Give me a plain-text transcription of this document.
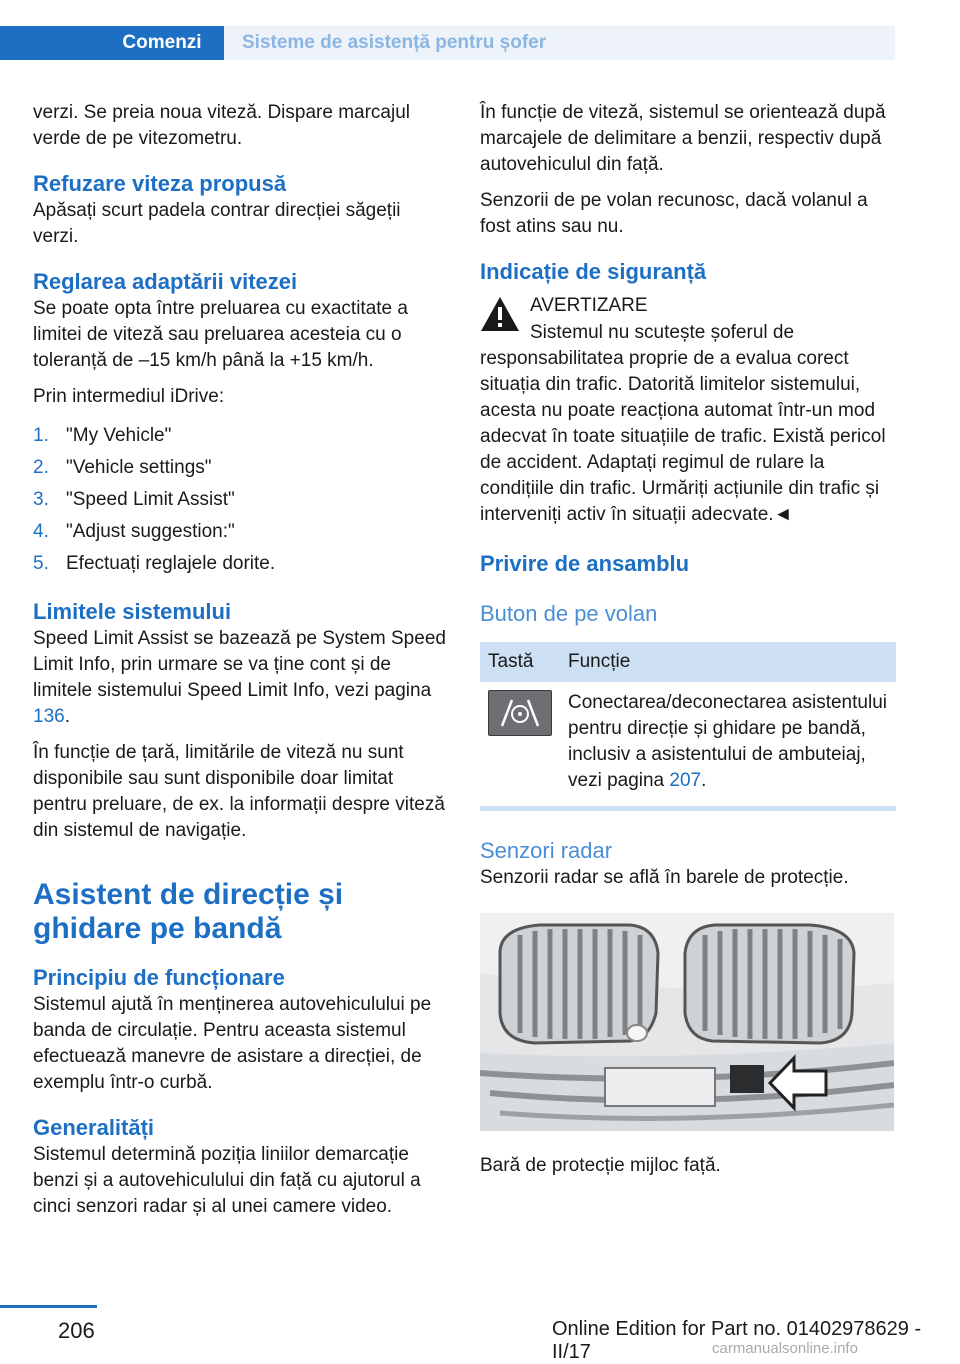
Comenzi	Sisteme de asistență pentru șofer

verzi. Se preia noua viteză. Dispare marcajul verde de pe vitezometru.

Refuzare viteza propusă

Apăsați scurt padela contrar direcției săgeții verzi.

Reglarea adaptării vitezei

Se poate opta între preluarea cu exactitate a limitei de viteză sau preluarea acesteia cu o toleranță de –15 km/h până la +15 km/h.

Prin intermediul iDrive:

1. "My Vehicle"
2. "Vehicle settings"
3. "Speed Limit Assist"
4. "Adjust suggestion:"
5. Efectuați reglajele dorite.
Limitele sistemului

Speed Limit Assist se bazează pe System Speed Limit Info, prin urmare se va ține cont și de limitele sistemului Speed Limit Info, vezi pagina 136.

În funcție de țară, limitările de viteză nu sunt disponibile sau sunt disponibile doar limitat pentru preluare, de ex. la informații despre viteză din sistemul de navigație.

Asistent de direcție și ghidare pe bandă
Principiu de funcționare

Sistemul ajută în menținerea autovehiculului pe banda de circulație. Pentru aceasta sistemul efectuează manevre de asistare a direcției, de exemplu într-o curbă.

Generalități

Sistemul determină poziția liniilor demarcație benzi și a autovehiculului din față cu ajutorul a cinci senzori radar și al unei camere video.

În funcție de viteză, sistemul se orientează după marcajele de delimitare a benzii, respectiv după autovehiculul din față.

Senzorii de pe volan recunosc, dacă volanul a fost atins sau nu.

Indicație de siguranță
AVERTIZARE
Sistemul nu scutește șoferul de responsabilitatea proprie de a evalua corect situația din trafic. Datorită limitelor sistemului, acesta nu poate reacționa automat într-un mod adecvat în toate situațiile de trafic. Există pericol de accident. Adaptați regimul de rulare la condițiile din trafic. Urmăriți acțiunile din trafic și interveniți activ în situații adecvate.◄
Privire de ansamblu
Buton de pe volan
Tastă	Funcție

	Conectarea/deconectarea asistentului pentru direcție și ghidare pe bandă, inclusiv a asistentului de ambuteiaj, vezi pagina 207.
Senzori radar

Senzorii radar se află în barele de protecție.

Bară de protecție mijloc față.

206	Online Edition for Part no. 01402978629 - II/17	carmanualsonline.info
